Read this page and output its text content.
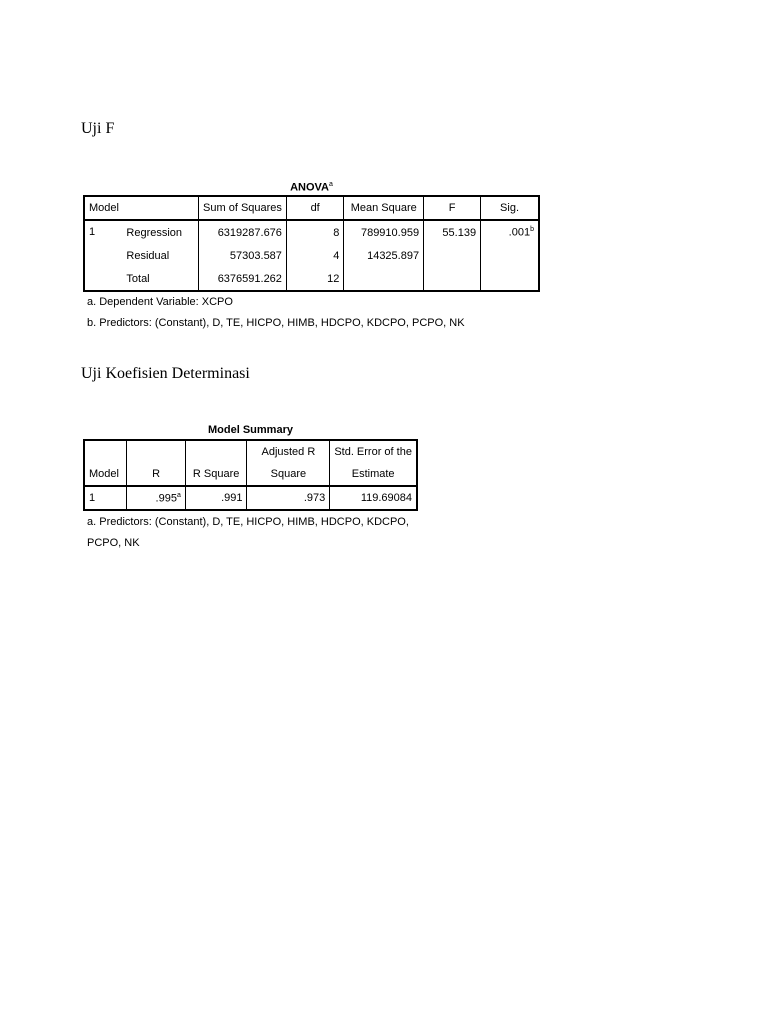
Uji F
ANOVA$^a$
Model		Sum of Squares	df	Mean Square	F	Sig.
1	Regression	6319287.676	8	789910.959	55.139	.001$^b$
	Residual	57303.587	4	14325.897		
	Total	6376591.262	12			

a. Dependent Variable: XCPO

b. Predictors: (Constant), D, TE, HICPO, HIMB, HDCPO, KDCPO, PCPO, NK

Uji Koefisien Determinasi
Model Summary
			Adjusted R	Std. Error of the
Model	R	R Square	Square	Estimate
1	.995$^a$	.991	.973	119.69084

a. Predictors: (Constant), D, TE, HICPO, HIMB, HDCPO, KDCPO,

PCPO, NK
